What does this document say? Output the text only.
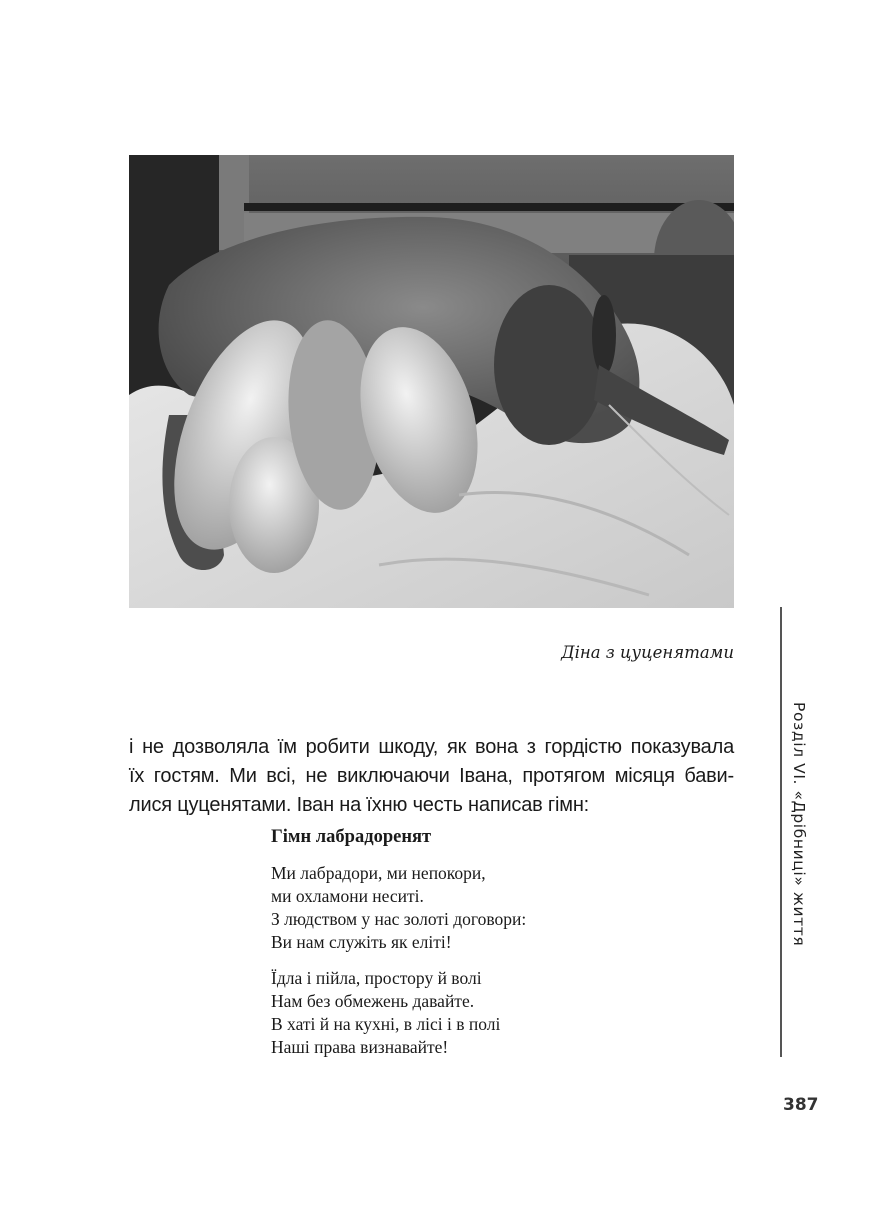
Діна з цуценятами
і не дозволяла їм робити шкоду, як вона з гордістю показувала
їх гостям. Ми всі, не виключаючи Івана, протягом місяця бави-
лися цуценятами. Іван на їхню честь написав гімн:
Гімн лабрадоренят
Ми лабрадори, ми непокори,
ми охламони неситі.
З людством у нас золоті договори:
Ви нам служіть як еліті!
Їдла і пійла, простору й волі
Нам без обмежень давайте.
В хаті й на кухні, в лісі і в полі
Наші права визнавайте!
Розділ VI. «Дрібниці» життя
387
